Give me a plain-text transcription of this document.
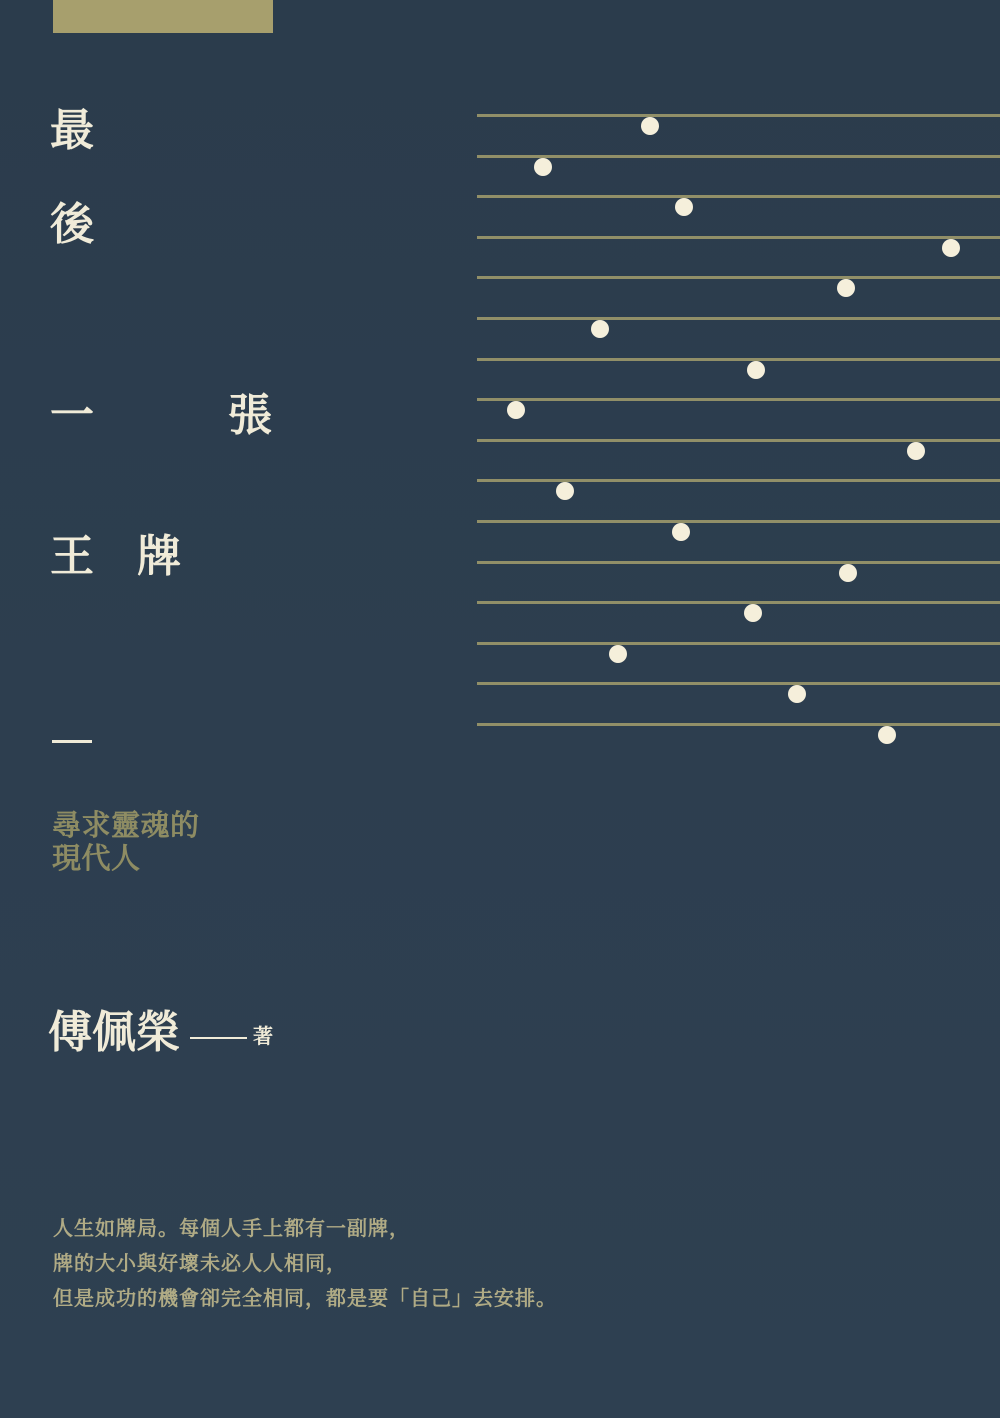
最
後
一	張
王 牌
尋求靈魂的
現代人
傅佩榮	著

人生如牌局。每個人手上都有一副牌，

牌的大小與好壞未必人人相同，

但是成功的機會卻完全相同，都是要「自己」去安排。
